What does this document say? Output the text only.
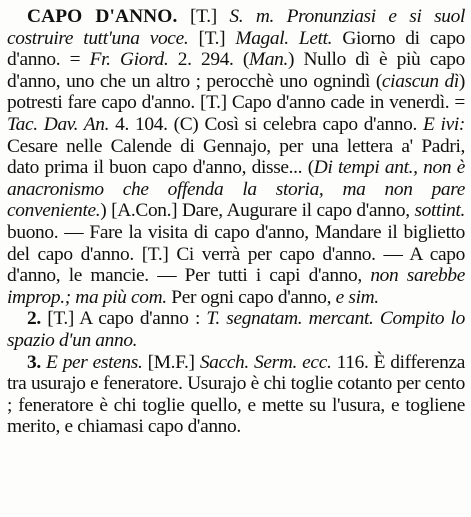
CAPO D'ANNO. [T.] S. m. Pronunziasi e si suol costruire tutt'una voce. [T.] Magal. Lett. Giorno di capo d'anno. = Fr. Giord. 2. 294. (Man.) Nullo dì è più capo d'anno, uno che un altro ; perocchè uno ognindì (ciascun dì) potresti fare capo d'anno. [T.] Capo d'anno cade in venerdì. = Tac. Dav. An. 4. 104. (C) Così si celebra capo d'anno. E ivi: Cesare nelle Calende di Gennajo, per una lettera a' Padri, dato prima il buon capo d'anno, disse... (Di tempi ant., non è anacronismo che offenda la storia, ma non pare conveniente.) [A.Con.] Dare, Augurare il capo d'anno, sottint. buono. — Fare la visita di capo d'anno, Mandare il biglietto del capo d'anno. [T.] Ci verrà per capo d'anno. — A capo d'anno, le mancie. — Per tutti i capi d'anno, non sarebbe improp.; ma più com. Per ogni capo d'anno, e sim.

2. [T.] A capo d'anno : T. segnatam. mercant. Compito lo spazio d'un anno.

3. E per estens. [M.F.] Sacch. Serm. ecc. 116. È differenza tra usurajo e feneratore. Usurajo è chi toglie cotanto per cento ; feneratore è chi toglie quello, e mette su l'usura, e togliene merito, e chiamasi capo d'anno.
